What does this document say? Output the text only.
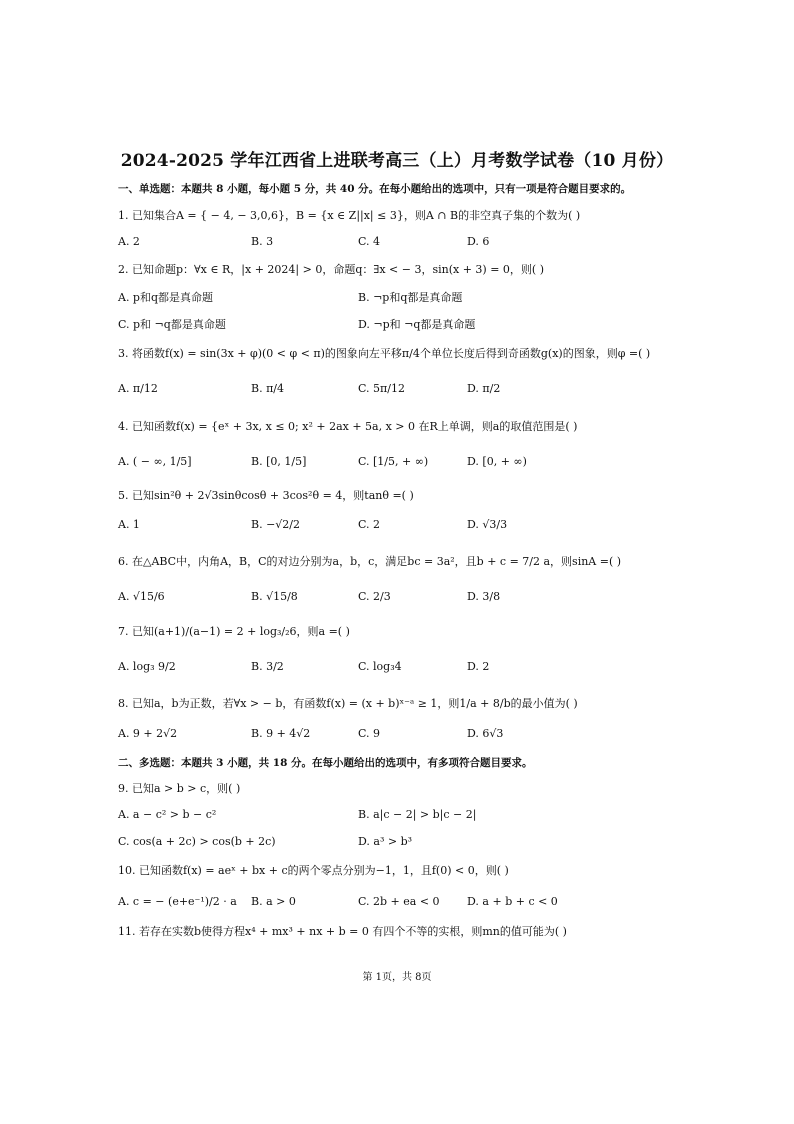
2024-2025 学年江西省上进联考高三（上）月考数学试卷（10 月份）
一、单选题：本题共 8 小题，每小题 5 分，共 40 分。在每小题给出的选项中，只有一项是符合题目要求的。
1. 已知集合A = { − 4, − 3,0,6}，B = {x ∈ Z||x| ≤ 3}，则A ∩ B的非空真子集的个数为( )
A. 2	B. 3	C. 4	D. 6
2. 已知命题p：∀x ∈ R，|x + 2024| > 0，命题q：∃x < − 3，sin(x + 3) = 0，则( )
A. p和q都是真命题	B. ¬p和q都是真命题
C. p和 ¬q都是真命题	D. ¬p和 ¬q都是真命题
3. 将函数f(x) = sin(3x + φ)(0 < φ < π)的图象向左平移π/4个单位长度后得到奇函数g(x)的图象，则φ =( )
A. π/12	B. π/4	C. 5π/12	D. π/2
4. 已知函数f(x) = {eˣ + 3x, x ≤ 0; x² + 2ax + 5a, x > 0 在R上单调，则a的取值范围是( )
A. ( − ∞, 1/5]	B. [0, 1/5]	C. [1/5, + ∞)	D. [0, + ∞)
5. 已知sin²θ + 2√3sinθcosθ + 3cos²θ = 4，则tanθ =( )
A. 1	B. −√2/2	C. 2	D. √3/3
6. 在△ABC中，内角A，B，C的对边分别为a，b，c，满足bc = 3a²，且b + c = 7/2 a，则sinA =( )
A. √15/6	B. √15/8	C. 2/3	D. 3/8
7. 已知(a+1)/(a−1) = 2 + log₃/₂6，则a =( )
A. log₃ 9/2	B. 3/2	C. log₃4	D. 2
8. 已知a，b为正数，若∀x > − b，有函数f(x) = (x + b)ˣ⁻ᵃ ≥ 1，则1/a + 8/b的最小值为( )
A. 9 + 2√2	B. 9 + 4√2	C. 9	D. 6√3
二、多选题：本题共 3 小题，共 18 分。在每小题给出的选项中，有多项符合题目要求。
9. 已知a > b > c，则( )
A. a − c² > b − c²	B. a|c − 2| > b|c − 2|
C. cos(a + 2c) > cos(b + 2c)	D. a³ > b³
10. 已知函数f(x) = aeˣ + bx + c的两个零点分别为−1，1，且f(0) < 0，则( )
A. c = − (e+e⁻¹)/2 · a B. a > 0	C. 2b + ea < 0 D. a + b + c < 0
11. 若存在实数b使得方程x⁴ + mx³ + nx + b = 0 有四个不等的实根，则mn的值可能为( )
第 1页，共 8页
